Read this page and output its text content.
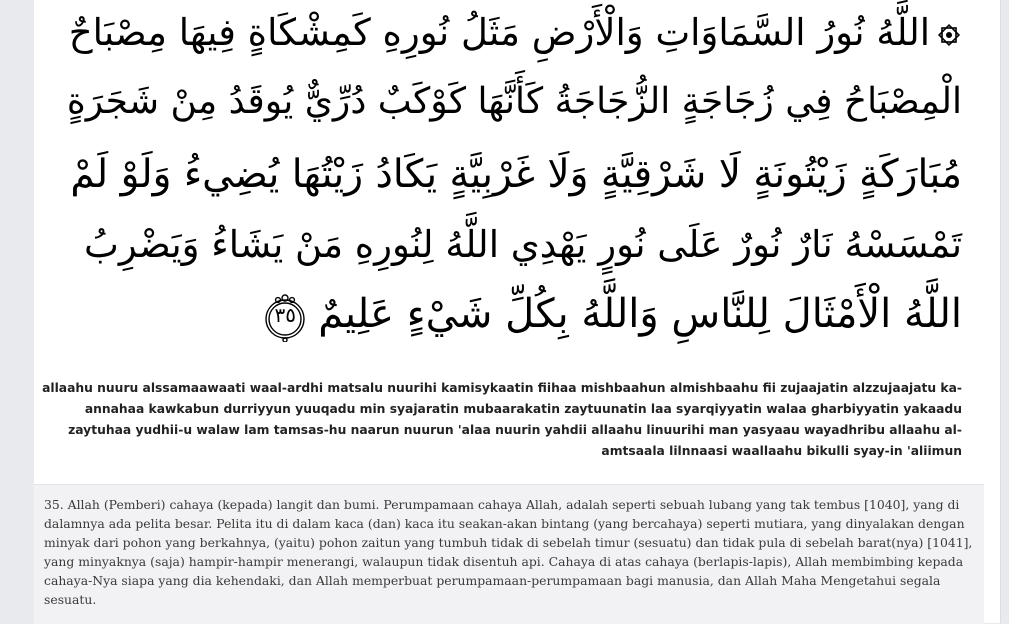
اللَّهُ نُورُ السَّمَاوَاتِ وَالْأَرْضِ مَثَلُ نُورِهِ كَمِشْكَاةٍ فِيهَا مِصْبَاحٌ
الْمِصْبَاحُ فِي زُجَاجَةٍ الزُّجَاجَةُ كَأَنَّهَا كَوْكَبٌ دُرِّيٌّ يُوقَدُ مِنْ شَجَرَةٍ
مُبَارَكَةٍ زَيْتُونَةٍ لَا شَرْقِيَّةٍ وَلَا غَرْبِيَّةٍ يَكَادُ زَيْتُهَا يُضِيءُ وَلَوْ لَمْ
تَمْسَسْهُ نَارٌ نُورٌ عَلَى نُورٍ يَهْدِي اللَّهُ لِنُورِهِ مَنْ يَشَاءُ وَيَضْرِبُ
اللَّهُ الْأَمْثَالَ لِلنَّاسِ وَاللَّهُ بِكُلِّ شَيْءٍ عَلِيمٌ
٣٥
allaahu nuuru alssamaawaati waal-ardhi matsalu nuurihi kamisykaatin fiihaa mishbaahun almishbaahu fii zujaajatin alzzujaajatu ka-annahaa kawkabun durriyyun yuuqadu min syajaratin mubaarakatin zaytuunatin laa syarqiyyatin walaa gharbiyyatin yakaadu zaytuhaa yudhii-u walaw lam tamsas-hu naarun nuurun 'alaa nuurin yahdii allaahu linuurihi man yasyaau wayadhribu allaahu al-amtsaala lilnnaasi waallaahu bikulli syay-in 'aliimun
35. Allah (Pemberi) cahaya (kepada) langit dan bumi. Perumpamaan cahaya Allah, adalah seperti sebuah lubang yang tak tembus [1040], yang di dalamnya ada pelita besar. Pelita itu di dalam kaca (dan) kaca itu seakan-akan bintang (yang bercahaya) seperti mutiara, yang dinyalakan dengan minyak dari pohon yang berkahnya, (yaitu) pohon zaitun yang tumbuh tidak di sebelah timur (sesuatu) dan tidak pula di sebelah barat(nya) [1041], yang minyaknya (saja) hampir-hampir menerangi, walaupun tidak disentuh api. Cahaya di atas cahaya (berlapis-lapis), Allah membimbing kepada cahaya-Nya siapa yang dia kehendaki, dan Allah memperbuat perumpamaan-perumpamaan bagi manusia, dan Allah Maha Mengetahui segala sesuatu.
